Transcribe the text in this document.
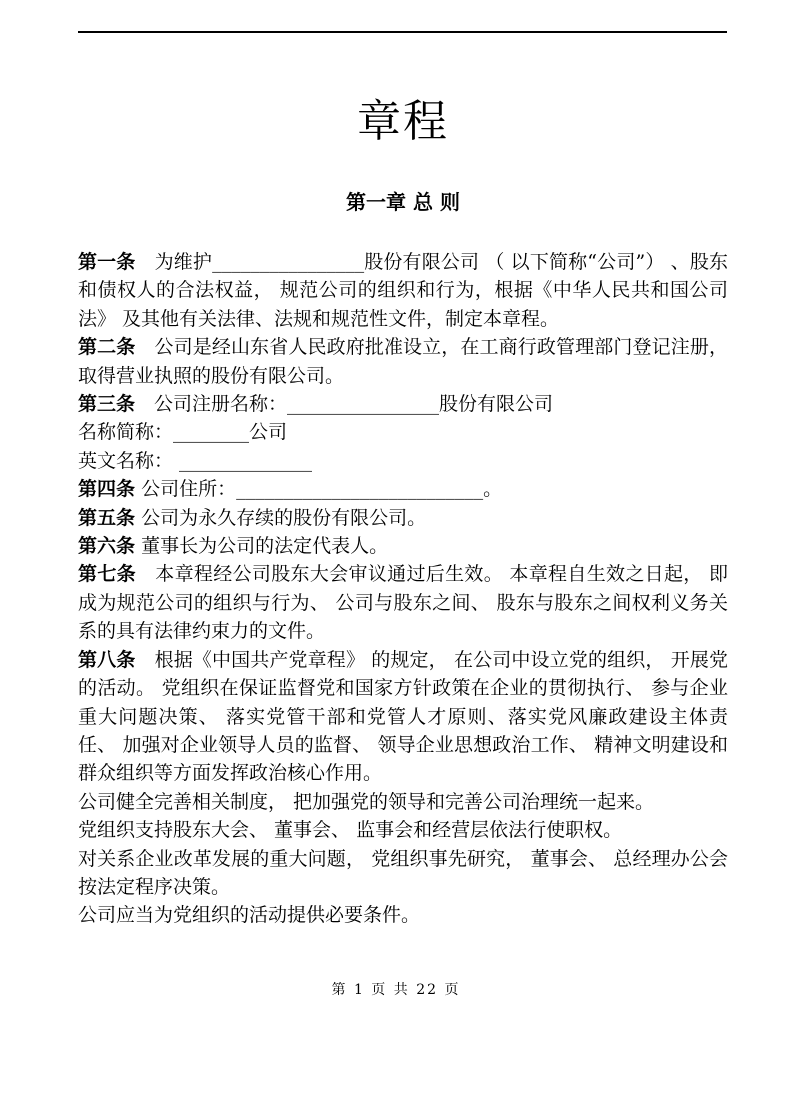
章程
第一章 总 则

第一条　 为维护________________股份有限公司 （ 以下简称“公司”） 、股东和债权人的合法权益， 规范公司的组织和行为，根据《中华人民共和国公司法》 及其他有关法律、法规和规范性文件，制定本章程。

第二条　 公司是经山东省人民政府批准设立，在工商行政管理部门登记注册， 取得营业执照的股份有限公司。

第三条　 公司注册名称：________________股份有限公司

名称简称：________公司

英文名称： ______________

第四条 公司住所：__________________________。

第五条 公司为永久存续的股份有限公司。

第六条 董事长为公司的法定代表人。

第七条　 本章程经公司股东大会审议通过后生效。 本章程自生效之日起， 即成为规范公司的组织与行为、 公司与股东之间、 股东与股东之间权利义务关系的具有法律约束力的文件。

第八条　 根据《中国共产党章程》 的规定， 在公司中设立党的组织， 开展党的活动。 党组织在保证监督党和国家方针政策在企业的贯彻执行、 参与企业重大问题决策、 落实党管干部和党管人才原则、落实党风廉政建设主体责任、 加强对企业领导人员的监督、 领导企业思想政治工作、 精神文明建设和群众组织等方面发挥政治核心作用。

公司健全完善相关制度， 把加强党的领导和完善公司治理统一起来。

党组织支持股东大会、 董事会、 监事会和经营层依法行使职权。

对关系企业改革发展的重大问题， 党组织事先研究， 董事会、 总经理办公会按法定程序决策。

公司应当为党组织的活动提供必要条件。

第 1 页 共 22 页
